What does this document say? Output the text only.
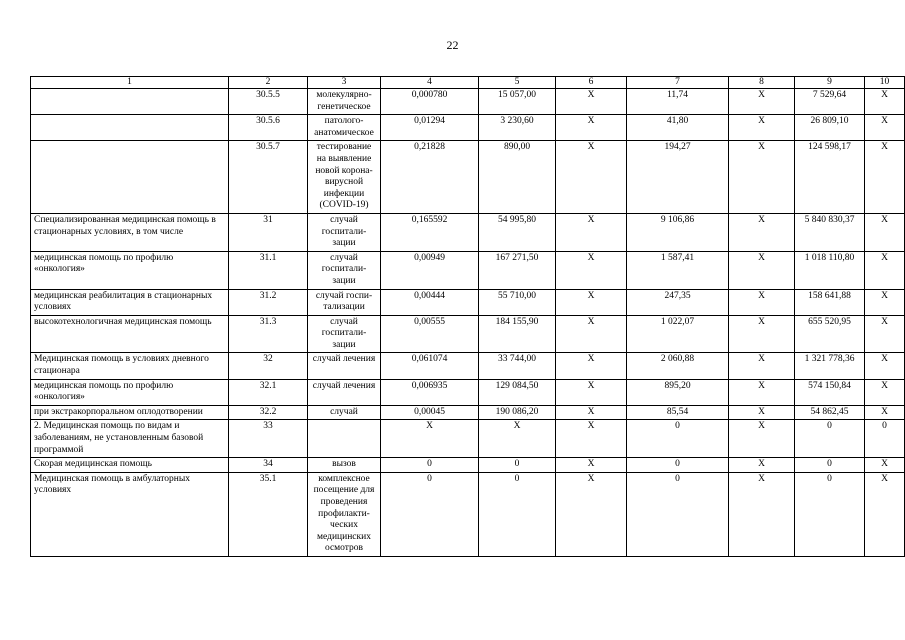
22
1	2	3	4	5	6	7	8	9	10
	30.5.5	молекулярно-генетическое	0,000780	15 057,00	X	11,74	X	7 529,64	X
	30.5.6	патолого-анатомическое	0,01294	3 230,60	X	41,80	X	26 809,10	X
	30.5.7	тестирование на выявление новой корона-вирусной инфекции (COVID-19)	0,21828	890,00	X	194,27	X	124 598,17	X
Специализированная медицинская помощь в стационарных условиях, в том числе	31	случай госпитали-зации	0,165592	54 995,80	X	9 106,86	X	5 840 830,37	X
медицинская помощь по профилю «онкология»	31.1	случай госпитали-зации	0,00949	167 271,50	X	1 587,41	X	1 018 110,80	X
медицинская реабилитация в стационарных условиях	31.2	случай госпи-тализации	0,00444	55 710,00	X	247,35	X	158 641,88	X
высокотехнологичная медицинская помощь	31.3	случай госпитали-зации	0,00555	184 155,90	X	1 022,07	X	655 520,95	X
Медицинская помощь в условиях дневного стационара	32	случай лечения	0,061074	33 744,00	X	2 060,88	X	1 321 778,36	X
медицинская помощь по профилю «онкология»	32.1	случай лечения	0,006935	129 084,50	X	895,20	X	574 150,84	X
при экстракорпоральном оплодотворении	32.2	случай	0,00045	190 086,20	X	85,54	X	54 862,45	X
2. Медицинская помощь по видам и заболеваниям, не установленным базовой программой	33		X	X	X	0	X	0	0
Скорая медицинская помощь	34	вызов	0	0	X	0	X	0	X
Медицинская помощь в амбулаторных условиях	35.1	комплексное посещение для проведения профилакти-ческих медицинских осмотров	0	0	X	0	X	0	X
